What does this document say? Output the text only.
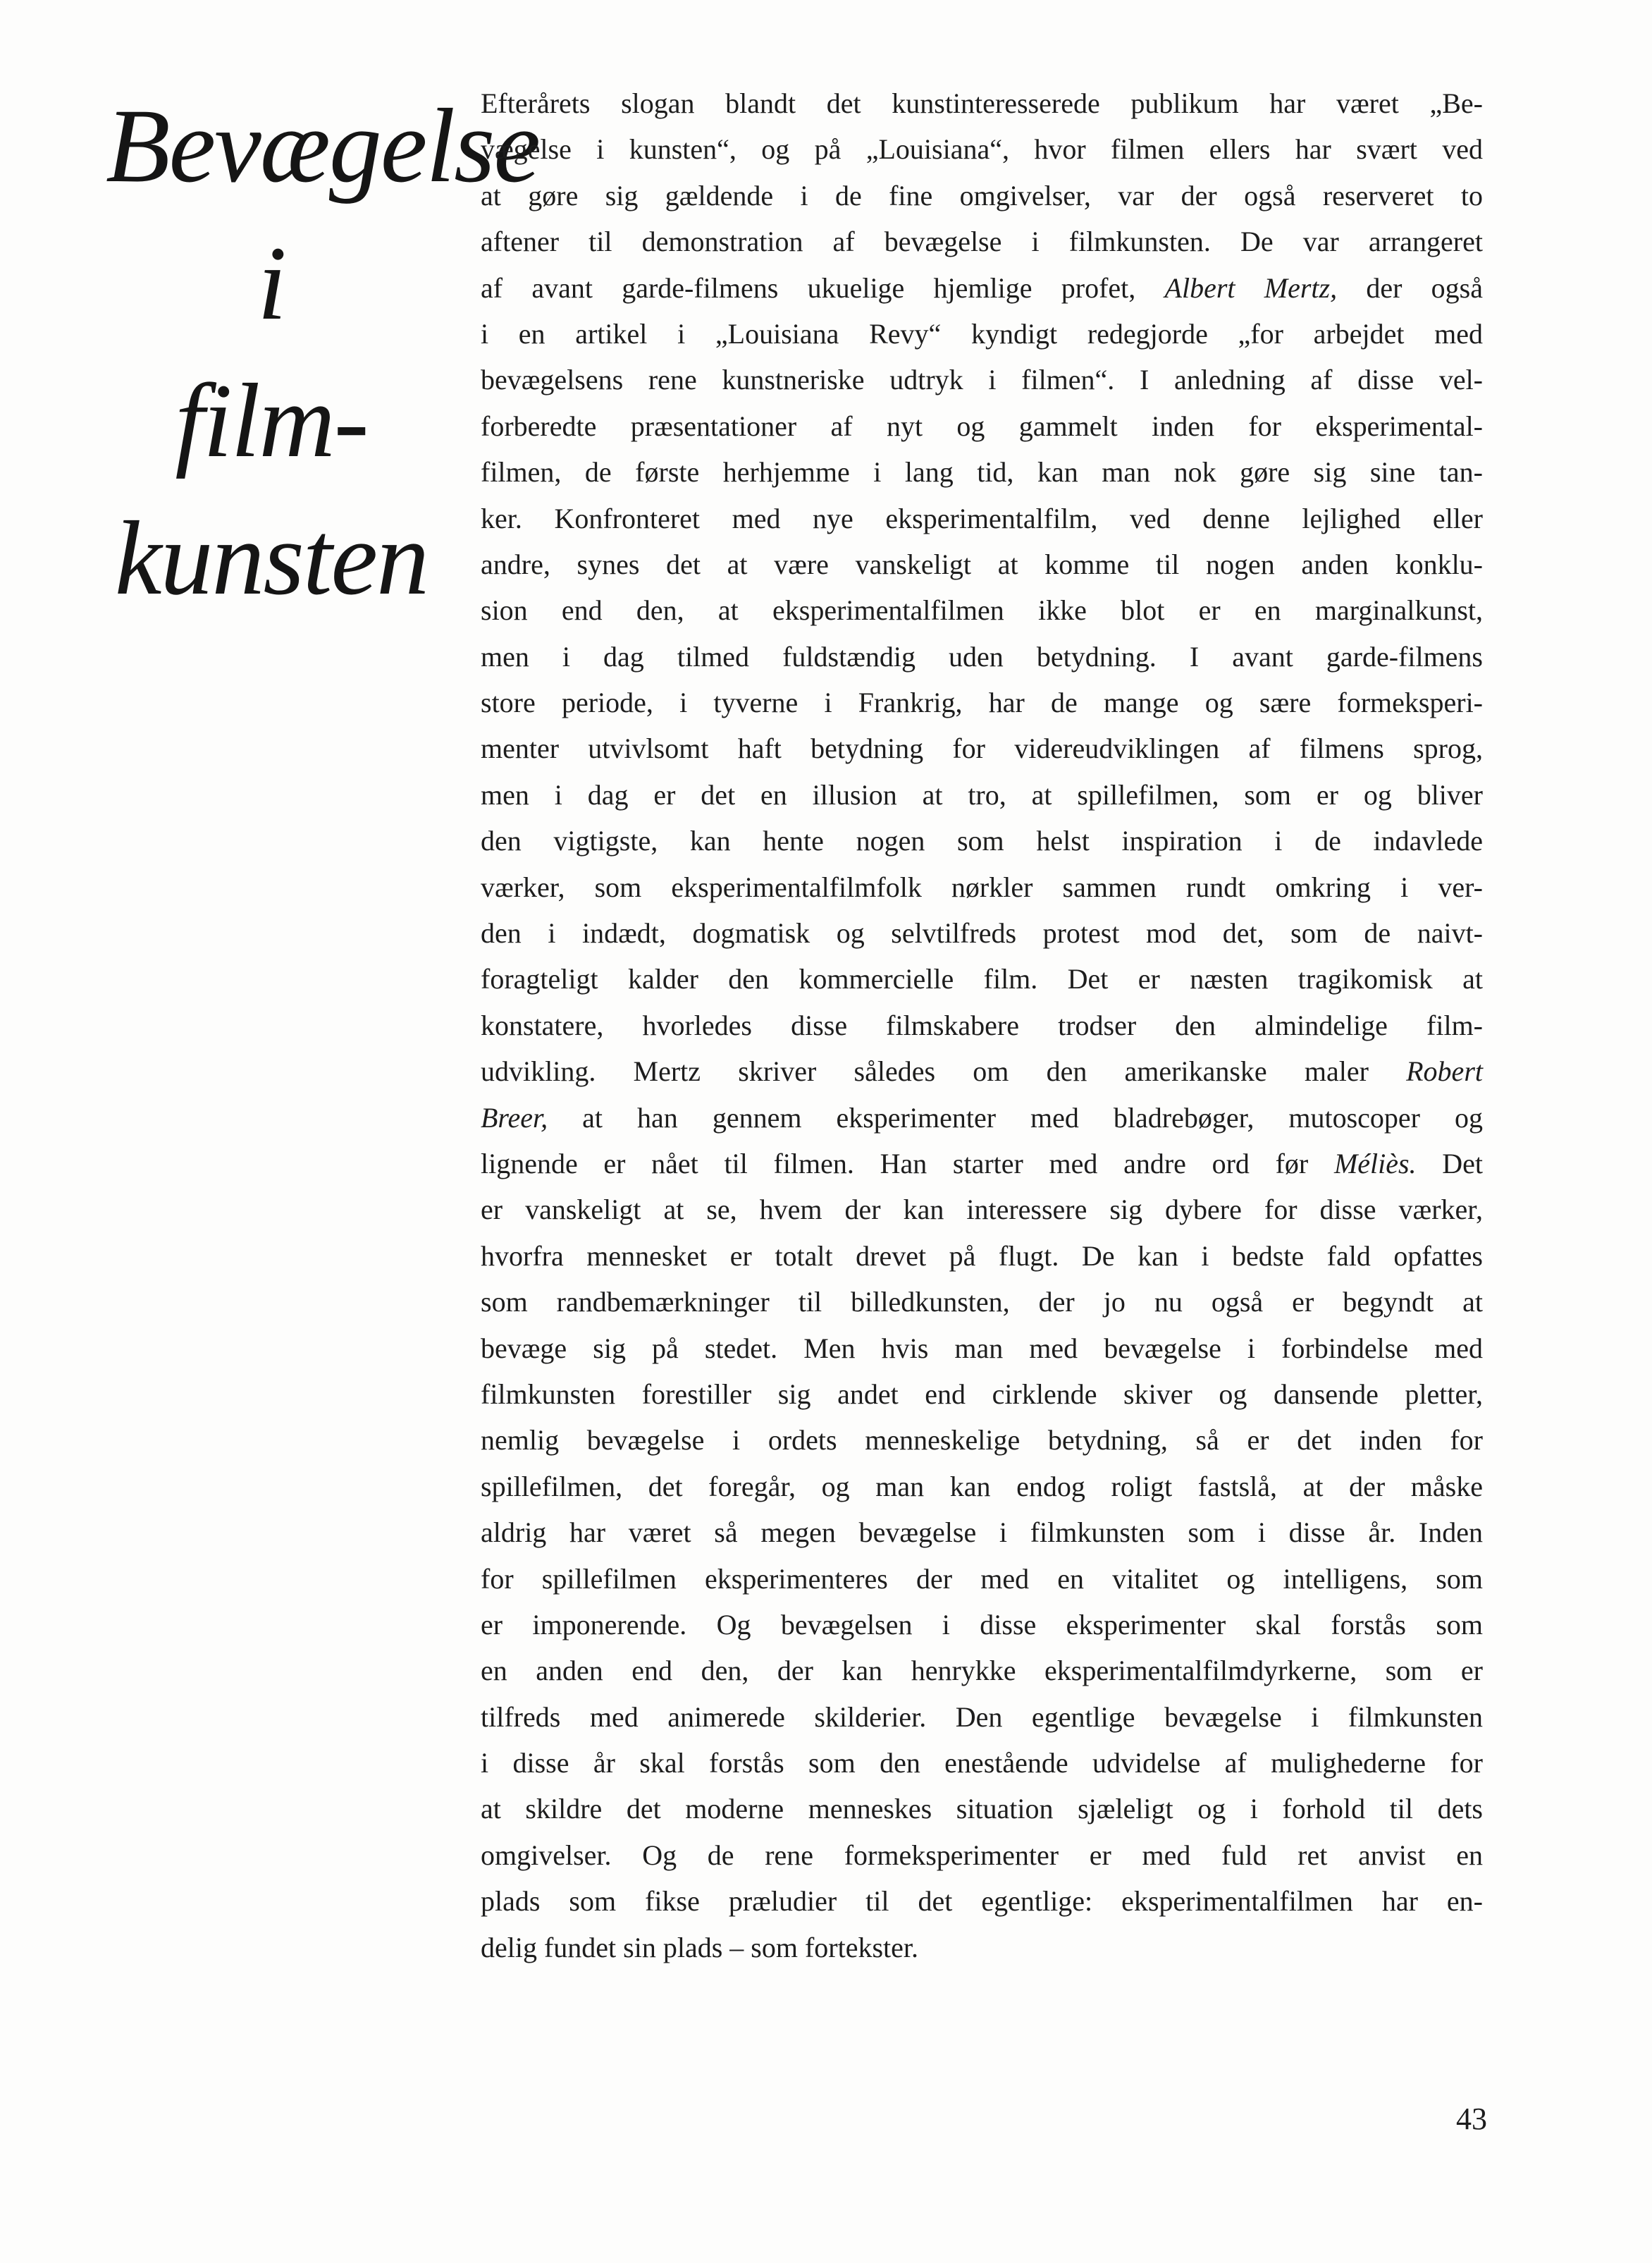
Bevægelse
i
film-
kunsten
Efterårets slogan blandt det kunstinteresserede publikum har været „Be-
vægelse i kunsten“, og på „Louisiana“, hvor filmen ellers har svært ved
at gøre sig gældende i de fine omgivelser, var der også reserveret to
aftener til demonstration af bevægelse i filmkunsten. De var arrangeret
af avant garde-filmens ukuelige hjemlige profet, Albert Mertz, der også
i en artikel i „Louisiana Revy“ kyndigt redegjorde „for arbejdet med
bevægelsens rene kunstneriske udtryk i filmen“. I anledning af disse vel-
forberedte præsentationer af nyt og gammelt inden for eksperimental-
filmen, de første herhjemme i lang tid, kan man nok gøre sig sine tan-
ker. Konfronteret med nye eksperimentalfilm, ved denne lejlighed eller
andre, synes det at være vanskeligt at komme til nogen anden konklu-
sion end den, at eksperimentalfilmen ikke blot er en marginalkunst,
men i dag tilmed fuldstændig uden betydning. I avant garde-filmens
store periode, i tyverne i Frankrig, har de mange og sære formeksperi-
menter utvivlsomt haft betydning for videreudviklingen af filmens sprog,
men i dag er det en illusion at tro, at spillefilmen, som er og bliver
den vigtigste, kan hente nogen som helst inspiration i de indavlede
værker, som eksperimentalfilmfolk nørkler sammen rundt omkring i ver-
den i indædt, dogmatisk og selvtilfreds protest mod det, som de naivt-
foragteligt kalder den kommercielle film. Det er næsten tragikomisk at
konstatere, hvorledes disse filmskabere trodser den almindelige film-
udvikling. Mertz skriver således om den amerikanske maler Robert
Breer, at han gennem eksperimenter med bladrebøger, mutoscoper og
lignende er nået til filmen. Han starter med andre ord før Méliès. Det
er vanskeligt at se, hvem der kan interessere sig dybere for disse værker,
hvorfra mennesket er totalt drevet på flugt. De kan i bedste fald opfattes
som randbemærkninger til billedkunsten, der jo nu også er begyndt at
bevæge sig på stedet. Men hvis man med bevægelse i forbindelse med
filmkunsten forestiller sig andet end cirklende skiver og dansende pletter,
nemlig bevægelse i ordets menneskelige betydning, så er det inden for
spillefilmen, det foregår, og man kan endog roligt fastslå, at der måske
aldrig har været så megen bevægelse i filmkunsten som i disse år. Inden
for spillefilmen eksperimenteres der med en vitalitet og intelligens, som
er imponerende. Og bevægelsen i disse eksperimenter skal forstås som
en anden end den, der kan henrykke eksperimentalfilmdyrkerne, som er
tilfreds med animerede skilderier. Den egentlige bevægelse i filmkunsten
i disse år skal forstås som den enestående udvidelse af mulighederne for
at skildre det moderne menneskes situation sjæleligt og i forhold til dets
omgivelser. Og de rene formeksperimenter er med fuld ret anvist en
plads som fikse præludier til det egentlige: eksperimentalfilmen har en-
delig fundet sin plads – som fortekster.
43
